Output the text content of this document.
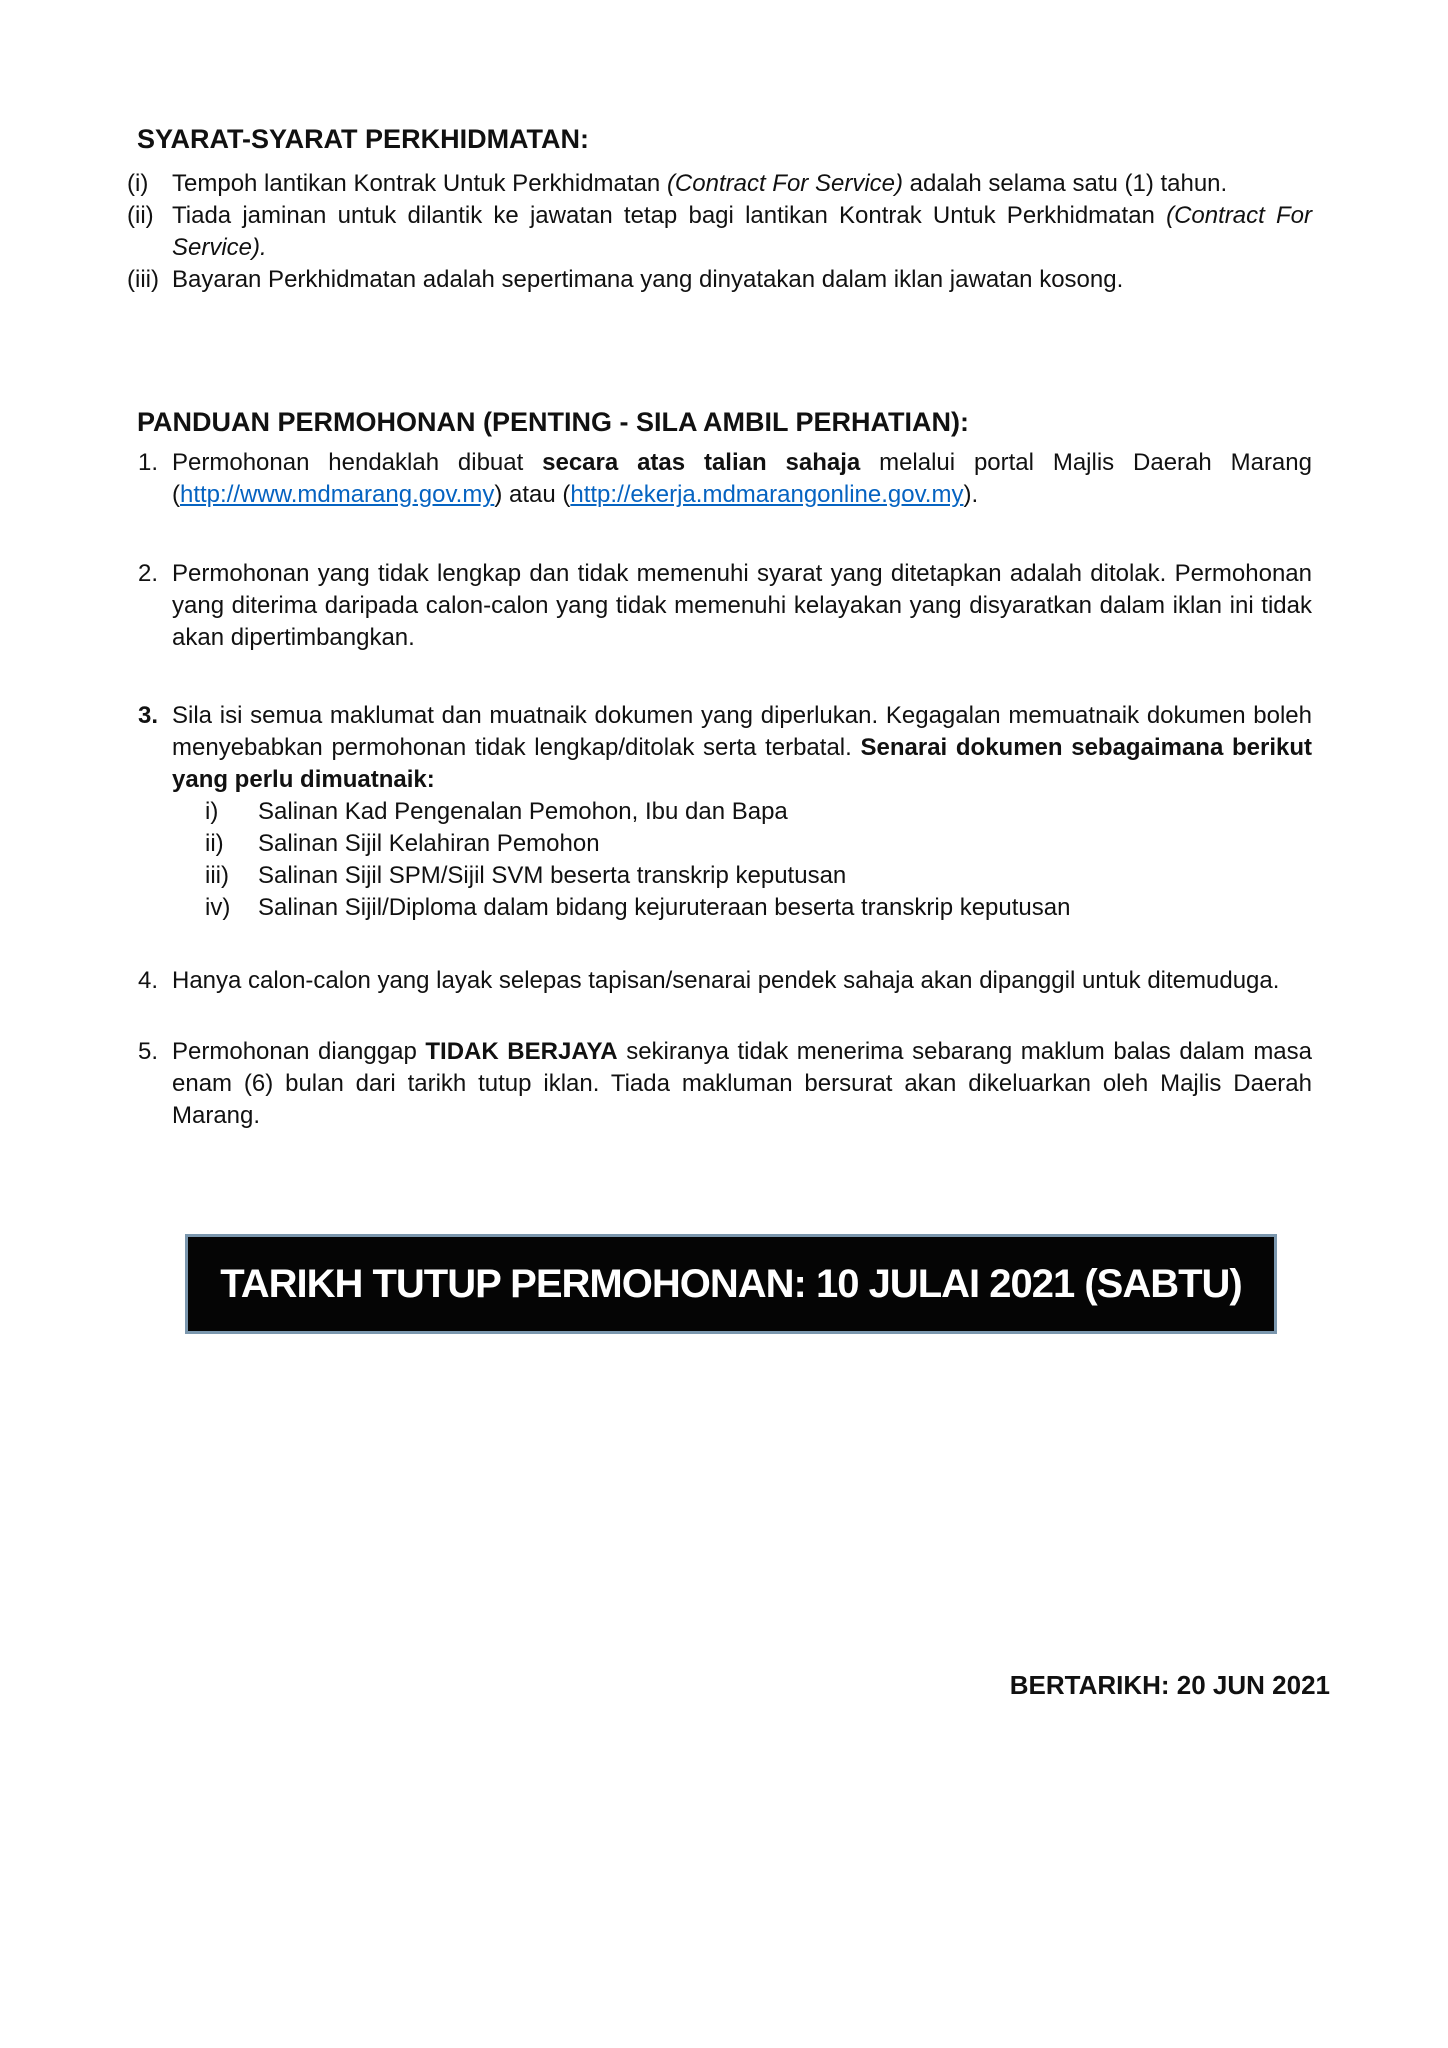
SYARAT-SYARAT PERKHIDMATAN:
(i) Tempoh lantikan Kontrak Untuk Perkhidmatan (Contract For Service) adalah selama satu (1) tahun.

(ii) Tiada jaminan untuk dilantik ke jawatan tetap bagi lantikan Kontrak Untuk Perkhidmatan (Contract For Service).

(iii) Bayaran Perkhidmatan adalah sepertimana yang dinyatakan dalam iklan jawatan kosong.

PANDUAN PERMOHONAN (PENTING - SILA AMBIL PERHATIAN):
1. Permohonan hendaklah dibuat secara atas talian sahaja melalui portal Majlis Daerah Marang (http://www.mdmarang.gov.my) atau (http://ekerja.mdmarangonline.gov.my).

2. Permohonan yang tidak lengkap dan tidak memenuhi syarat yang ditetapkan adalah ditolak. Permohonan yang diterima daripada calon-calon yang tidak memenuhi kelayakan yang disyaratkan dalam iklan ini tidak akan dipertimbangkan.

3. Sila isi semua maklumat dan muatnaik dokumen yang diperlukan. Kegagalan memuatnaik dokumen boleh menyebabkan permohonan tidak lengkap/ditolak serta terbatal. Senarai dokumen sebagaimana berikut yang perlu dimuatnaik:

i)	Salinan Kad Pengenalan Pemohon, Ibu dan Bapa

ii)	Salinan Sijil Kelahiran Pemohon

iii)	Salinan Sijil SPM/Sijil SVM beserta transkrip keputusan

iv)	Salinan Sijil/Diploma dalam bidang kejuruteraan beserta transkrip keputusan

4. Hanya calon-calon yang layak selepas tapisan/senarai pendek sahaja akan dipanggil untuk ditemuduga.

5. Permohonan dianggap TIDAK BERJAYA sekiranya tidak menerima sebarang maklum balas dalam masa enam (6) bulan dari tarikh tutup iklan. Tiada makluman bersurat akan dikeluarkan oleh Majlis Daerah Marang.

TARIKH TUTUP PERMOHONAN: 10 JULAI 2021 (SABTU)
BERTARIKH: 20 JUN 2021
